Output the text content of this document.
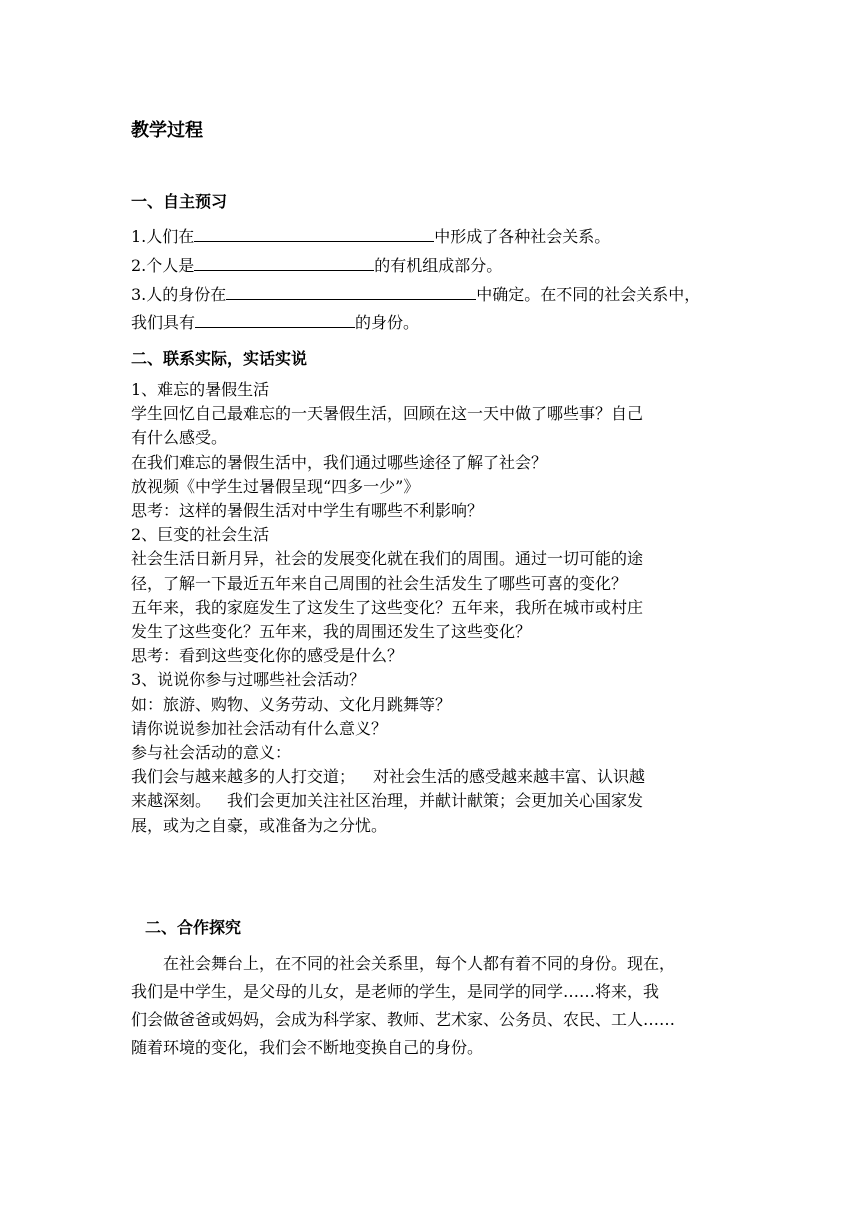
教学过程
一、自主预习
1.人们在	中形成了各种社会关系。
2.个人是	的有机组成部分。
3.人的身份在	中确定。在不同的社会关系中，
我们具有	的身份。
二、联系实际，实话实说
1、难忘的暑假生活
学生回忆自己最难忘的一天暑假生活，回顾在这一天中做了哪些事？自己
有什么感受。
在我们难忘的暑假生活中，我们通过哪些途径了解了社会？
放视频《中学生过暑假呈现“四多一少”》
思考：这样的暑假生活对中学生有哪些不利影响？
2、巨变的社会生活
社会生活日新月异，社会的发展变化就在我们的周围。通过一切可能的途
径，了解一下最近五年来自己周围的社会生活发生了哪些可喜的变化？
五年来，我的家庭发生了这发生了这些变化？五年来，我所在城市或村庄
发生了这些变化？五年来，我的周围还发生了这些变化？
思考：看到这些变化你的感受是什么？
3、说说你参与过哪些社会活动？
如：旅游、购物、义务劳动、文化月跳舞等？
请你说说参加社会活动有什么意义？
参与社会活动的意义：
我们会与越来越多的人打交道； 对社会生活的感受越来越丰富、认识越
来越深刻。 我们会更加关注社区治理，并献计献策；会更加关心国家发
展，或为之自豪，或准备为之分忧。
二、合作探究
在社会舞台上，在不同的社会关系里，每个人都有着不同的身份。现在，
我们是中学生，是父母的儿女，是老师的学生，是同学的同学……将来，我
们会做爸爸或妈妈，会成为科学家、教师、艺术家、公务员、农民、工人……
随着环境的变化，我们会不断地变换自己的身份。
